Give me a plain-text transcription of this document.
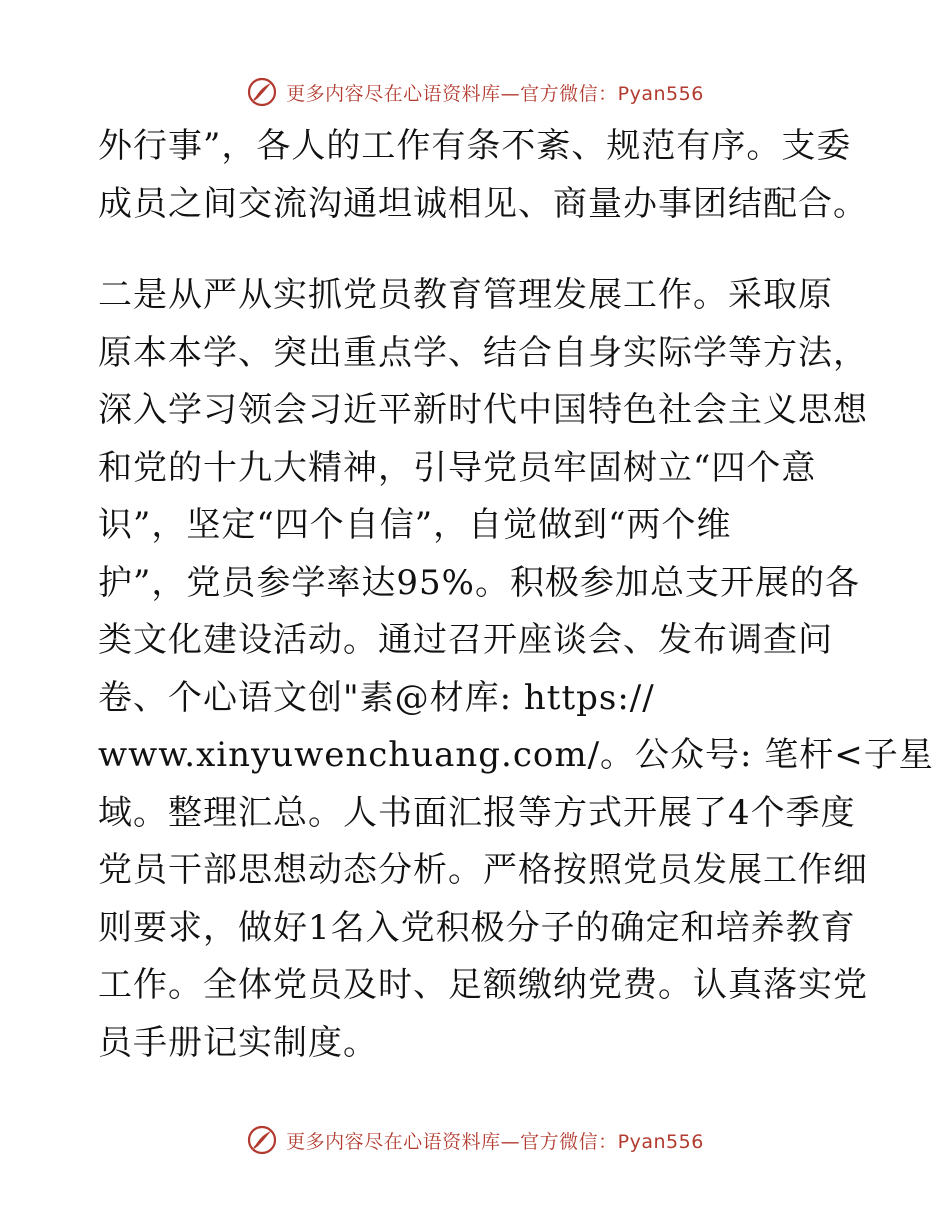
更多内容尽在心语资料库—官方微信：Pyan556
外行事”，各人的工作有条不紊、规范有序。支委
成员之间交流沟通坦诚相见、商量办事团结配合。
二是从严从实抓党员教育管理发展工作。采取原
原本本学、突出重点学、结合自身实际学等方法，
深入学习领会习近平新时代中国特色社会主义思想
和党的十九大精神，引导党员牢固树立“四个意
识”，坚定“四个自信”，自觉做到“两个维
护”，党员参学率达95%。积极参加总支开展的各
类文化建设活动。通过召开座谈会、发布调查问
卷、个心语文创"素@材库: https://
www.xinyuwenchuang.com/。公众号: 笔杆<子星
域。整理汇总。人书面汇报等方式开展了4个季度
党员干部思想动态分析。严格按照党员发展工作细
则要求，做好1名入党积极分子的确定和培养教育
工作。全体党员及时、足额缴纳党费。认真落实党
员手册记实制度。
更多内容尽在心语资料库—官方微信：Pyan556
